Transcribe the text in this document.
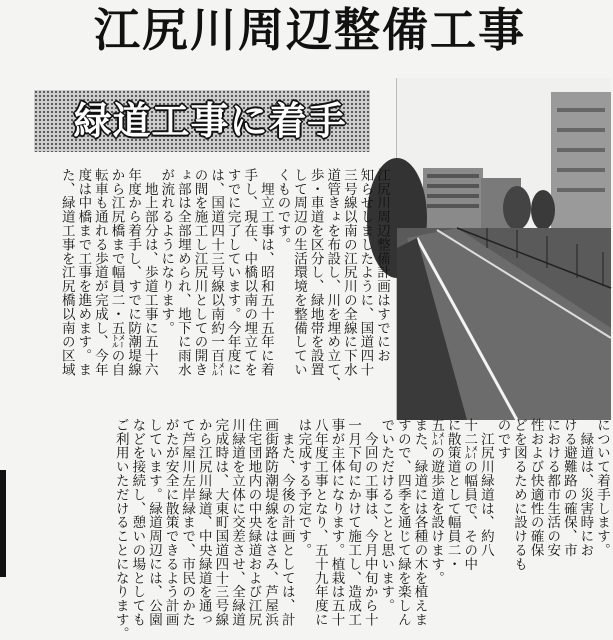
江尻川周辺整備工事
緑道工事に着手
江尻川周辺整備計画はすでにお
知らせしましたように、国道四十
三号線以南の江尻川の全線に下水
道管きょを布設し、川を埋め立て、
歩・車道を区分し、緑地帯を設置
して周辺の生活環境を整備してい
くものです。
　埋立工事は、昭和五十五年に着
手し、現在、中橋以南の埋立てを
すでに完了しています。今年度に
は、国道四十三号線以南約一百㍍
の間を施工し江尻川としての開き
ょ部は全部埋められ、地下に雨水
が流れるようになります。
　地上部分は、歩道工事に五十六
年度から着手し、すでに防潮堤線
から江尻橋まで幅員二・五㍍の自
転車も通れる歩道が完成し、今年
度は中橋まで工事を進めます。ま
た、緑道工事を江尻橋以南の区域
について着手します。
　緑道は、災害時にお
ける避難路の確保、市
における都市生活の安
性および快適性の確保
どを図るために設けるも
のです
　江尻川緑道は、約八
十二㍍の幅員で、その中
に散策道として幅員二・
五㍍の遊歩道を設けます。
また、緑道には各種の木を植えま
すので、四季を通じて緑を楽しん
でいただけることと思います。
　今回の工事は、今月中旬から十
一月下旬にかけて施工し、造成工
事が主体になります。植栽は五十
八年度工事となり、五十九年度に
は完成する予定です。
　また、今後の計画としては、計
画街路防潮堤線をはさみ、芦屋浜
住宅団地内の中央緑道および江尻
川緑道を立体に交差させ、全緑道
完成時は、大東町国道四十三号線
から江尻川緑道、中央緑道を通っ
て芦屋川左岸緑まで、市民のかた
がたが安全に散策できるよう計画
しています。緑道周辺には、公園
などを接続し、憩いの場としても
ご利用いただけることになります。
